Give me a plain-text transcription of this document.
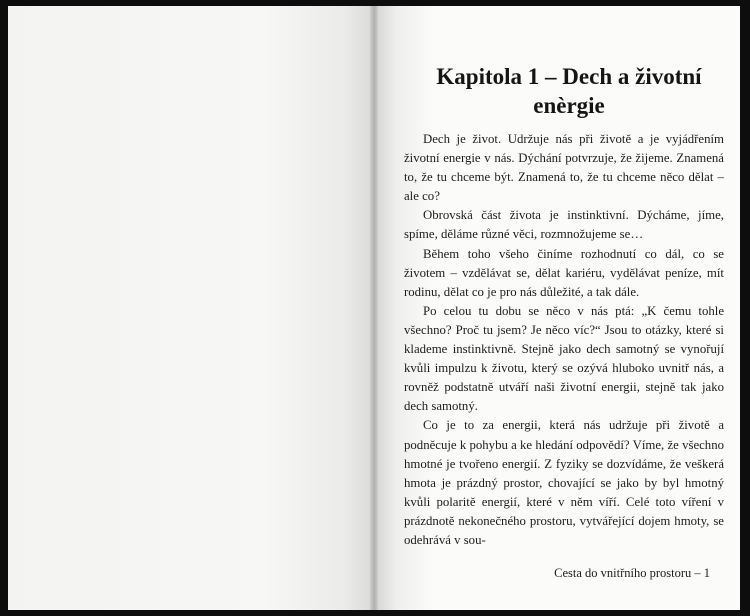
Kapitola 1 – Dech a životní
enèrgie

Dech je život. Udržuje nás při životě a je vyjádřením životní energie v nás. Dýchání potvrzuje, že žijeme. Znamená to, že tu chceme být. Znamená to, že tu chceme něco dělat – ale co?

Obrovská část života je instinktivní. Dýcháme, jíme, spíme, děláme různé věci, rozmnožujeme se…

Během toho všeho činíme rozhodnutí co dál, co se životem – vzdělávat se, dělat kariéru, vydělávat peníze, mít rodinu, dělat co je pro nás důležité, a tak dále.

Po celou tu dobu se něco v nás ptá: „K čemu tohle všechno? Proč tu jsem? Je něco víc?“ Jsou to otázky, které si klademe instinktivně. Stejně jako dech samotný se vynořují kvůli impulzu k životu, který se ozývá hluboko uvnitř nás, a rovněž podstatně utváří naši životní energii, stejně tak jako dech samotný.

Co je to za energii, která nás udržuje při životě a podněcuje k pohybu a ke hledání odpovědí? Víme, že všechno hmotné je tvořeno energií. Z fyziky se dozvídáme, že veškerá hmota je prázdný prostor, chovající se jako by byl hmotný kvůli polaritě energií, které v něm víří. Celé toto víření v prázdnotě nekonečného prostoru, vytvářející dojem hmoty, se odehrává v sou-

Cesta do vnitřního prostoru – 1
